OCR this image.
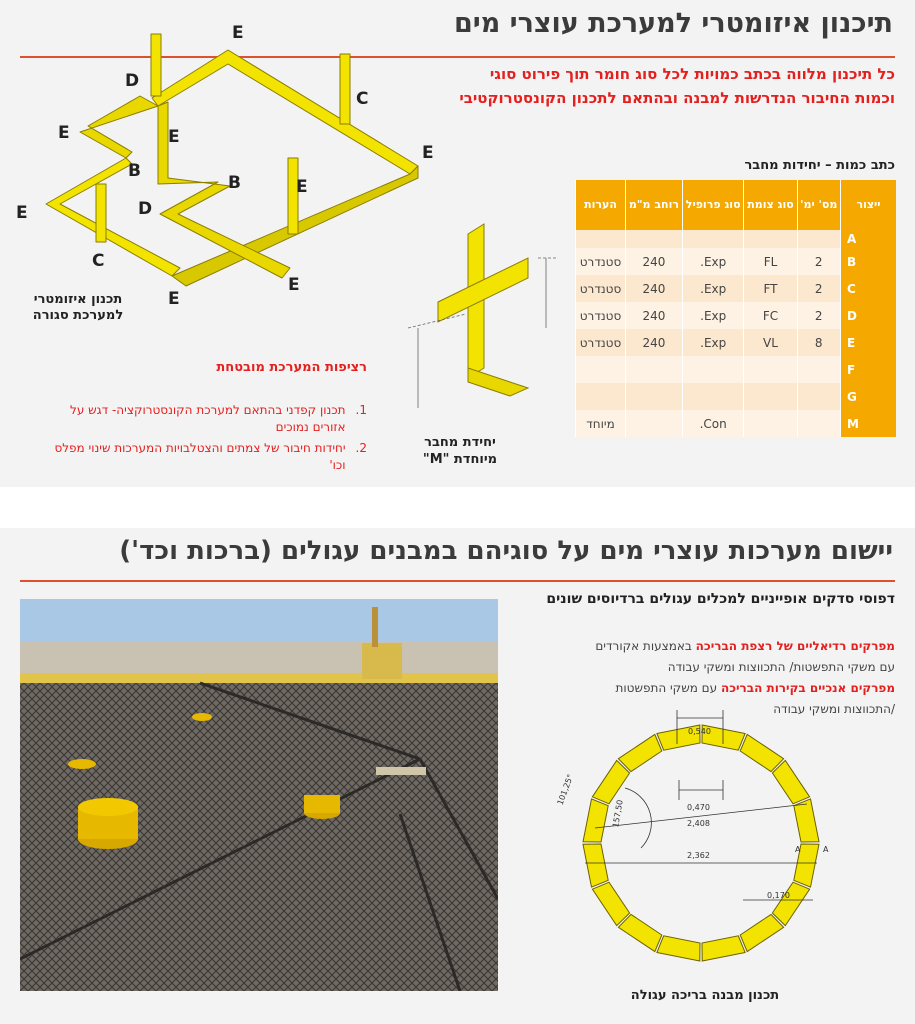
תיכנון איזומטרי למערכת עוצרי מים
כל תיכנון מלווה בכתב כמויות לכל סוג חומר תוך פירוט סוגי וכמות החיבור הנדרשות למבנה ובהתאם לתכנון הקונסטרוקטיבי
E
D
C
E	E
E
B
B
D
E
C
E
E
E
תכנון איזומטרי
למערכת סגורה
רציפות המערכת מובטחת
1.
תכנון קפדני בהתאם למערכת הקונסטרוקציה- דגש על אזורים נמוכים
2.
יחידות חיבור של צמתים והצטלבויות המערכות שינוי מפלס וכו'
יחידת מחבר
מיוחדת "M"
כתב כמות – יחידות מחבר
ייצור	מס' ימ'	סוג צומת	סוג פרופיל	רוחב מ"מ	הערות
A					
B	2	FL	Exp.	240	סטנדרט
C	2	FT	Exp.	240	סטנדרט
D	2	FC	Exp.	240	סטנדרט
E	8	VL	Exp.	240	סטנדרט
F					
G					
M			Con.		מיוחד
יישום מערכות עוצרי מים על סוגיהם במבנים עגולים (ברכות וכד')
דפוסי סדקים אופייניים למכלים עגולים ברדיוסים שונים
מפרקים רדיאליים של רצפת הבריכה באמצעות אקורדים
עם משקי התפשטות/ התכווצות ומשקי עבודה
מפרקים אנכיים בקירות הבריכה עם משקי התפשטות
/התכווצות ומשקי עבודה
0,540
0,470
2,408
2,362
0,170
101,25°
157,50
A	A
תכנון מבנה בריכה עגולה
